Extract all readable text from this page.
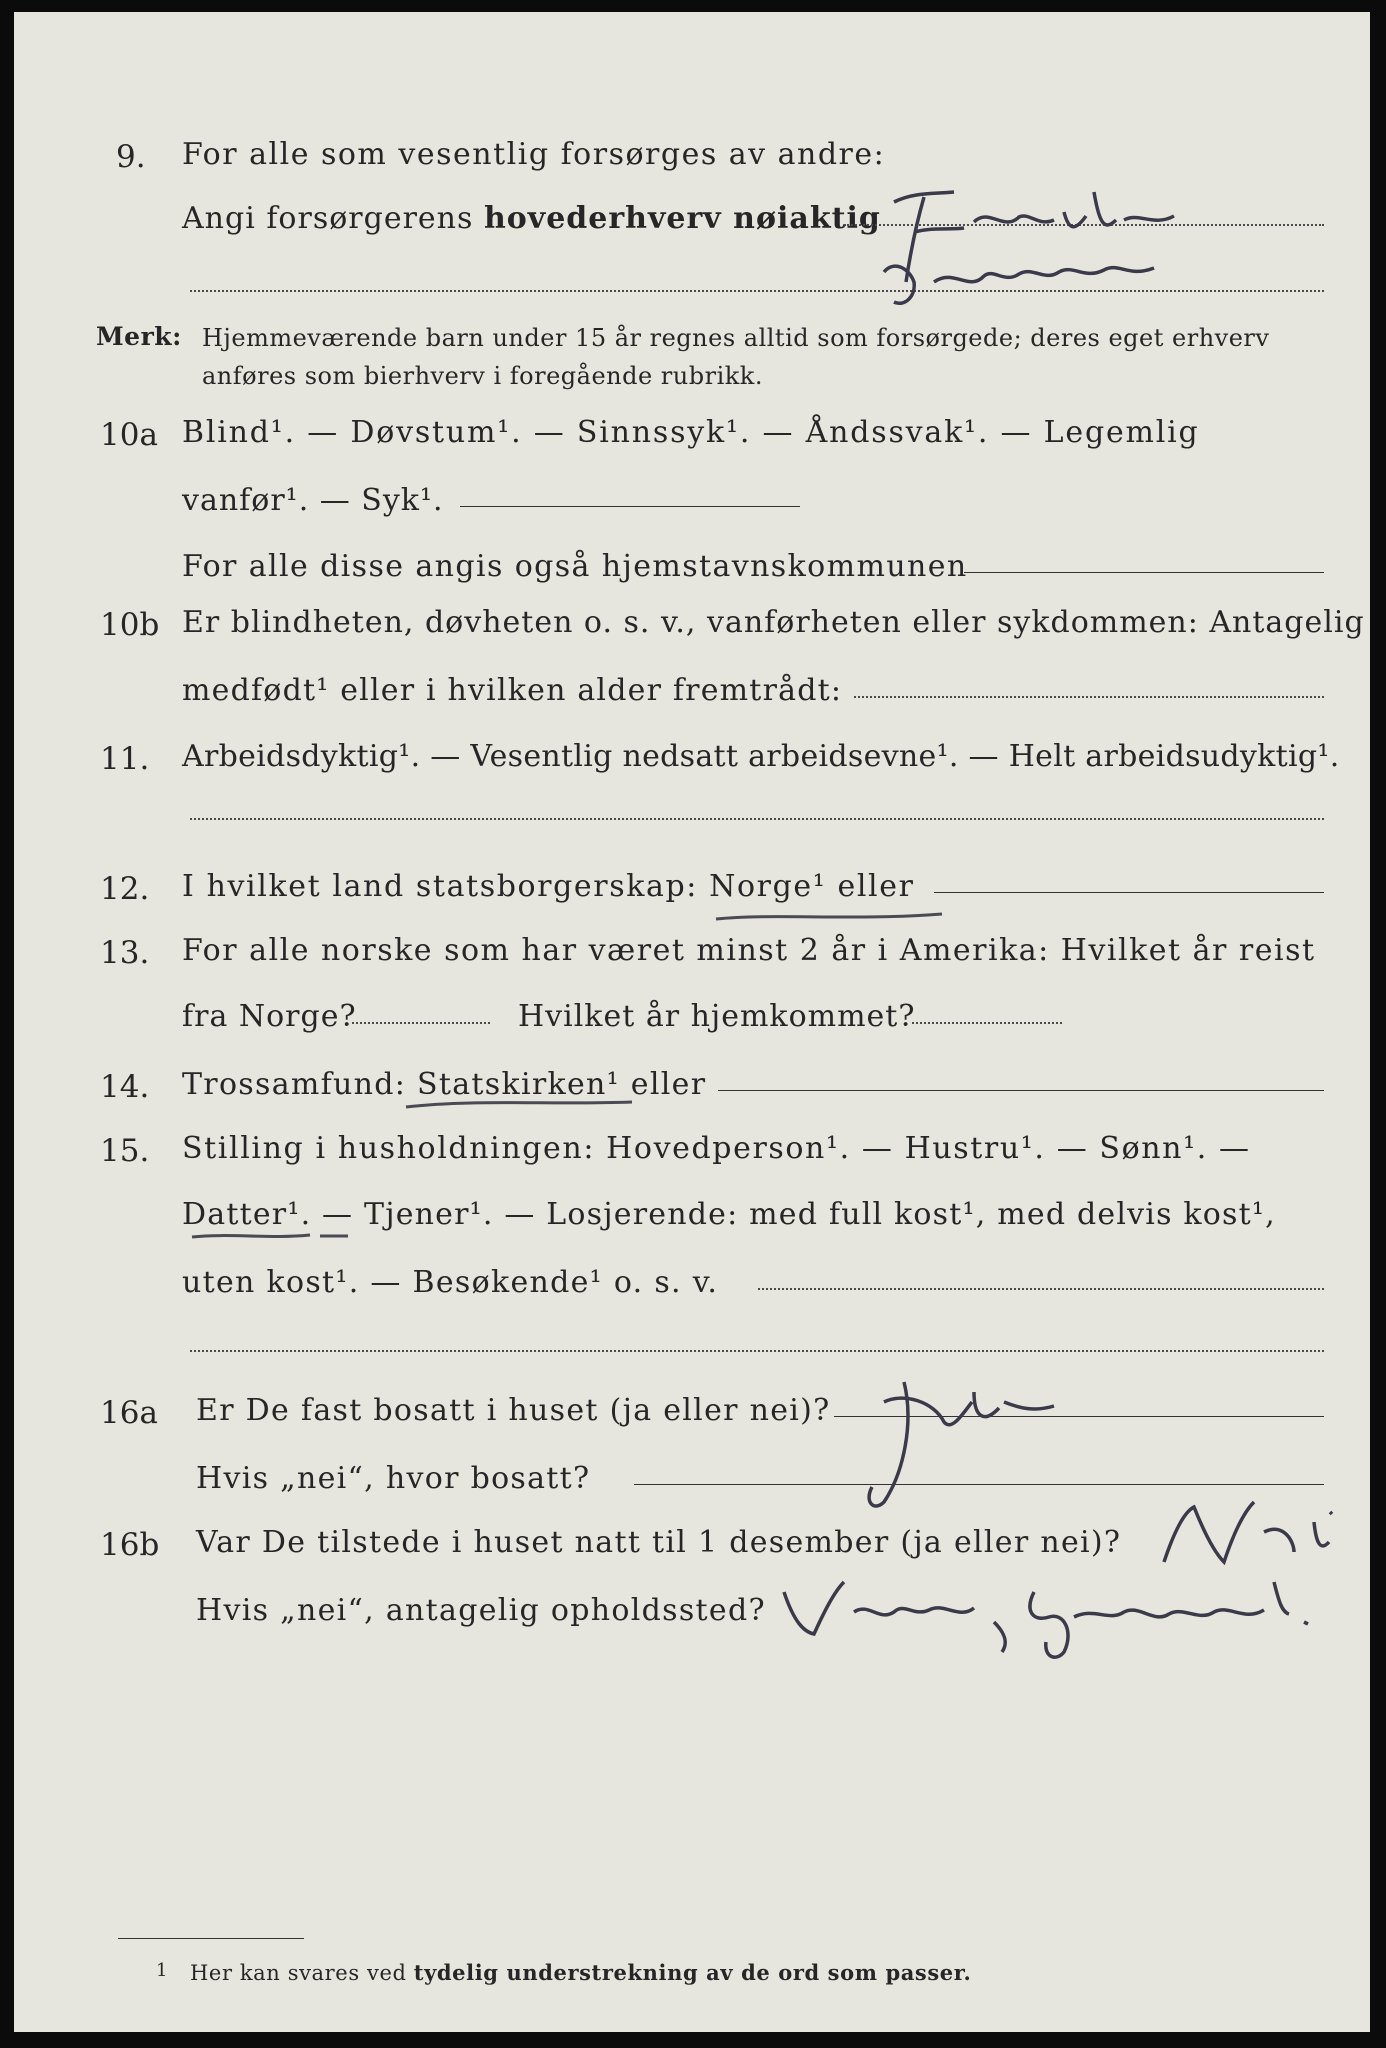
9. For alle som vesentlig forsørges av andre:
Angi forsørgerens hovederhverv nøiaktig
Fisker / Paa gaarden
Merk: Hjemmeværende barn under 15 år regnes alltid som forsørgede; deres eget erhverv
anføres som bierhverv i foregående rubrikk.
10a Blind¹. — Døvstum¹. — Sinnssyk¹. — Åndssvak¹. — Legemlig
vanfør¹. — Syk¹.
For alle disse angis også hjemstavnskommunen
10b Er blindheten, døvheten o. s. v., vanførheten eller sykdommen: Antagelig
medfødt¹ eller i hvilken alder fremtrådt:
11. Arbeidsdyktig¹. — Vesentlig nedsatt arbeidsevne¹. — Helt arbeidsudyktig¹.
12. I hvilket land statsborgerskap: Norge¹ eller
13. For alle norske som har været minst 2 år i Amerika: Hvilket år reist
fra Norge?	Hvilket år hjemkommet?
14. Trossamfund: Statskirken¹ eller
15. Stilling i husholdningen: Hovedperson¹. — Hustru¹. — Sønn¹. —
Datter¹. — Tjener¹. — Losjerende: med full kost¹, med delvis kost¹,
uten kost¹. — Besøkende¹ o. s. v.
16a Er De fast bosatt i huset (ja eller nei)?
Hvis „nei“, hvor bosatt?
Ja
16b Var De tilstede i huset natt til 1 desember (ja eller nei)?
Hvis „nei“, antagelig opholdssted?
Nei
Våro, Spangrud.
1 Her kan svares ved tydelig understrekning av de ord som passer.
